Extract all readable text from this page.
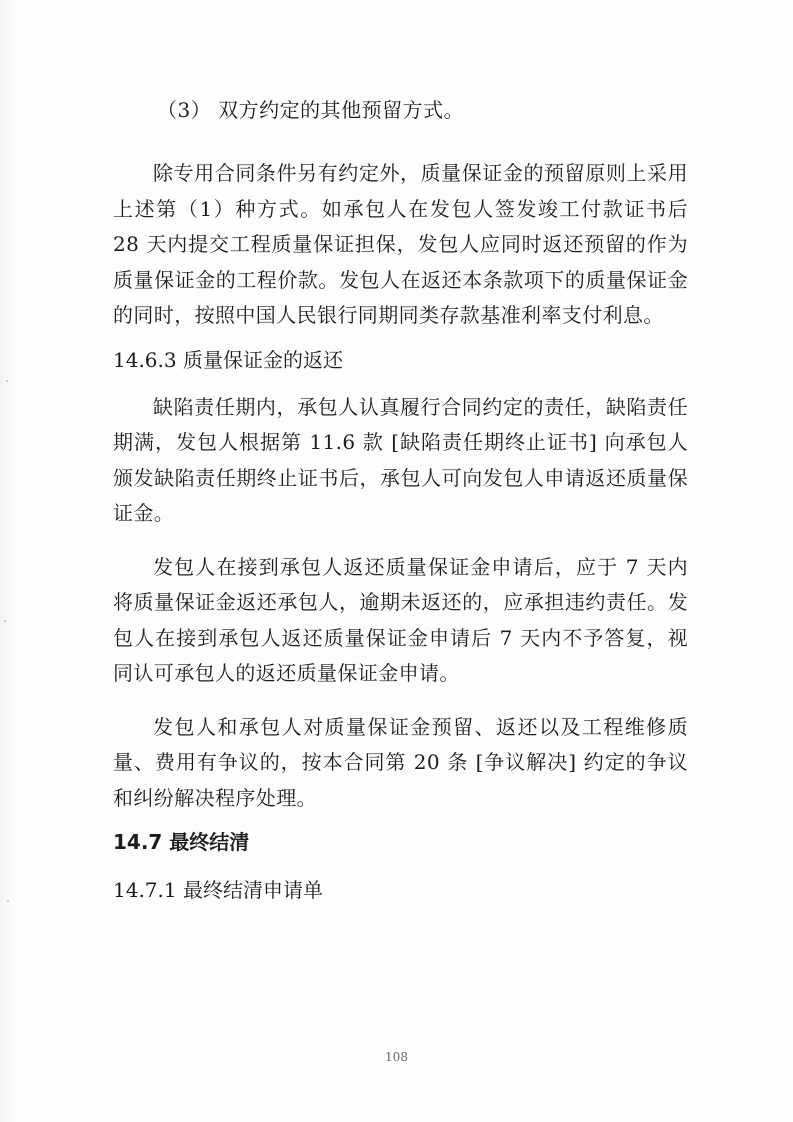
（3） 双方约定的其他预留方式。

除专用合同条件另有约定外，质量保证金的预留原则上采用上述第（1）种方式。如承包人在发包人签发竣工付款证书后 28 天内提交工程质量保证担保，发包人应同时返还预留的作为质量保证金的工程价款。发包人在返还本条款项下的质量保证金的同时，按照中国人民银行同期同类存款基准利率支付利息。

14.6.3 质量保证金的返还

缺陷责任期内，承包人认真履行合同约定的责任，缺陷责任期满，发包人根据第 11.6 款 [缺陷责任期终止证书] 向承包人颁发缺陷责任期终止证书后，承包人可向发包人申请返还质量保证金。

发包人在接到承包人返还质量保证金申请后，应于 7 天内将质量保证金返还承包人，逾期未返还的，应承担违约责任。发包人在接到承包人返还质量保证金申请后 7 天内不予答复，视同认可承包人的返还质量保证金申请。

发包人和承包人对质量保证金预留、返还以及工程维修质量、费用有争议的，按本合同第 20 条 [争议解决] 约定的争议和纠纷解决程序处理。

14.7 最终结清

14.7.1 最终结清申请单

108
